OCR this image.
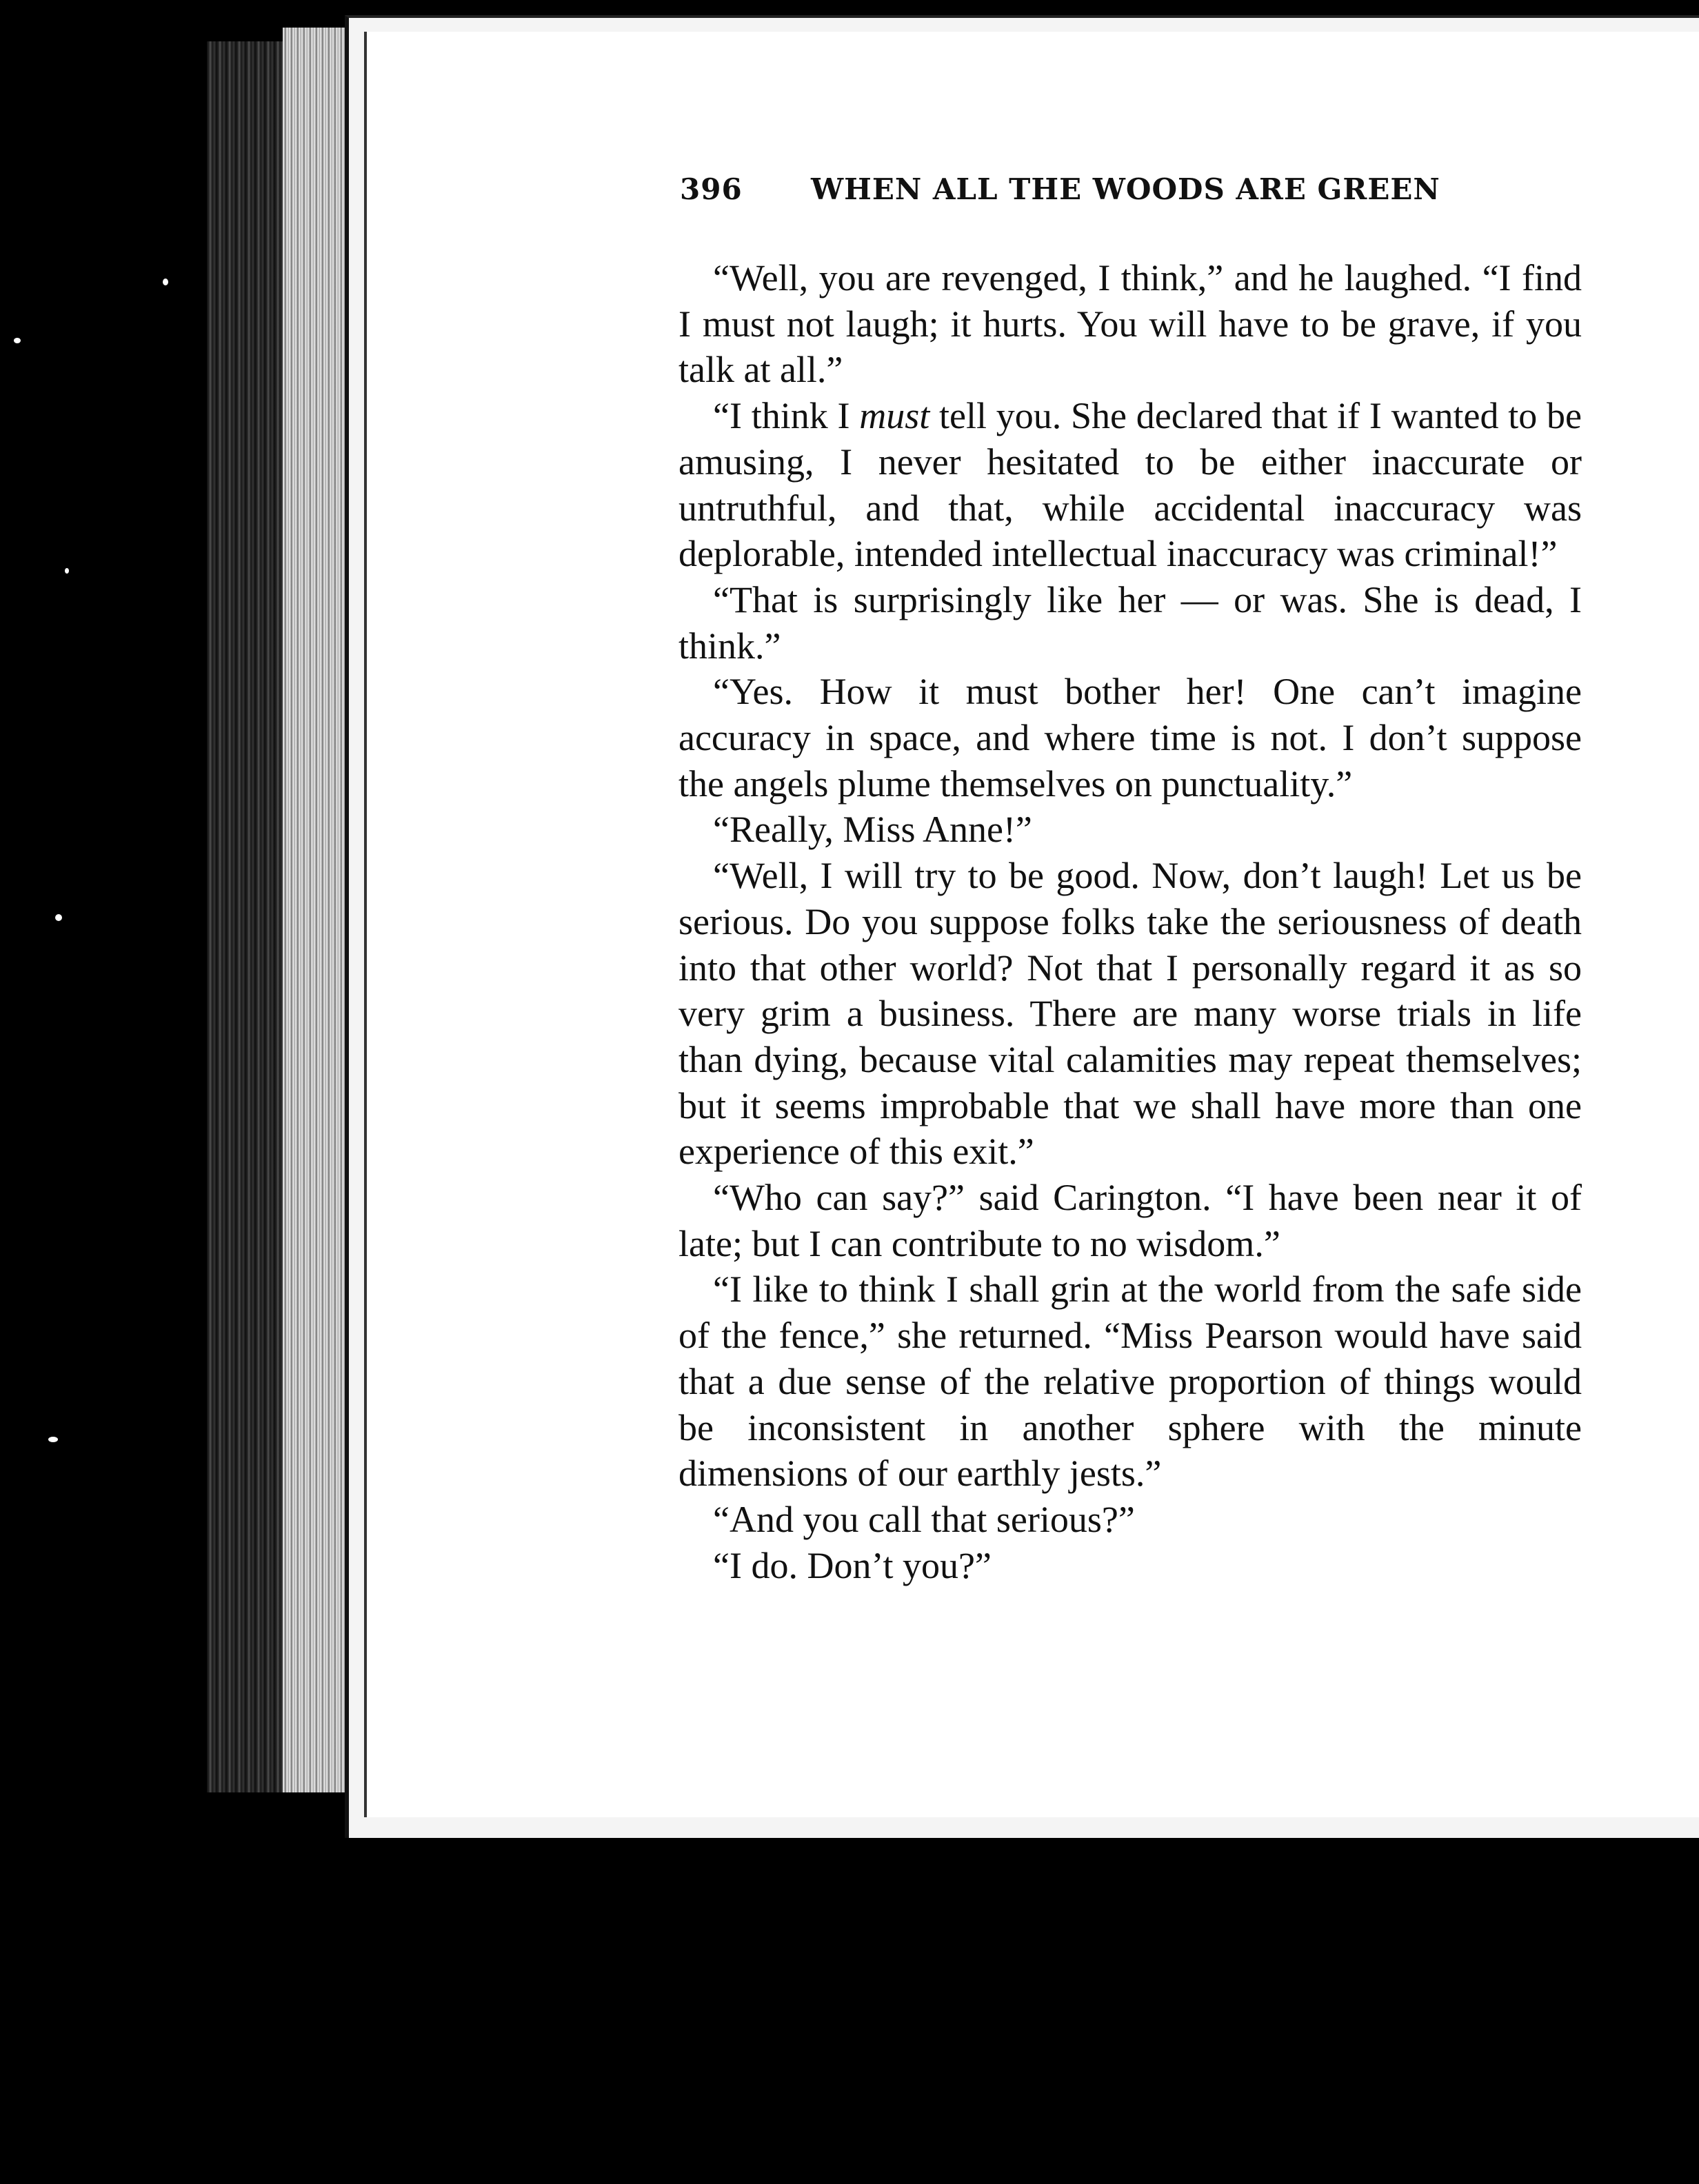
396 WHEN ALL THE WOODS ARE GREEN

“Well, you are revenged, I think,” and he laughed. “I find I must not laugh; it hurts. You will have to be grave, if you talk at all.”

“I think I must tell you. She declared that if I wanted to be amusing, I never hesitated to be either inaccurate or untruthful, and that, while accidental inaccuracy was deplorable, intended intellectual inaccuracy was criminal!”

“That is surprisingly like her — or was. She is dead, I think.”

“Yes. How it must bother her! One can’t imagine accuracy in space, and where time is not. I don’t suppose the angels plume themselves on punctuality.”

“Really, Miss Anne!”

“Well, I will try to be good. Now, don’t laugh! Let us be serious. Do you suppose folks take the seriousness of death into that other world? Not that I personally regard it as so very grim a business. There are many worse trials in life than dying, because vital calamities may repeat themselves; but it seems improbable that we shall have more than one experience of this exit.”

“Who can say?” said Carington. “I have been near it of late; but I can contribute to no wisdom.”

“I like to think I shall grin at the world from the safe side of the fence,” she returned. “Miss Pearson would have said that a due sense of the relative proportion of things would be inconsistent in another sphere with the minute dimensions of our earthly jests.”

“And you call that serious?”

“I do. Don’t you?”
